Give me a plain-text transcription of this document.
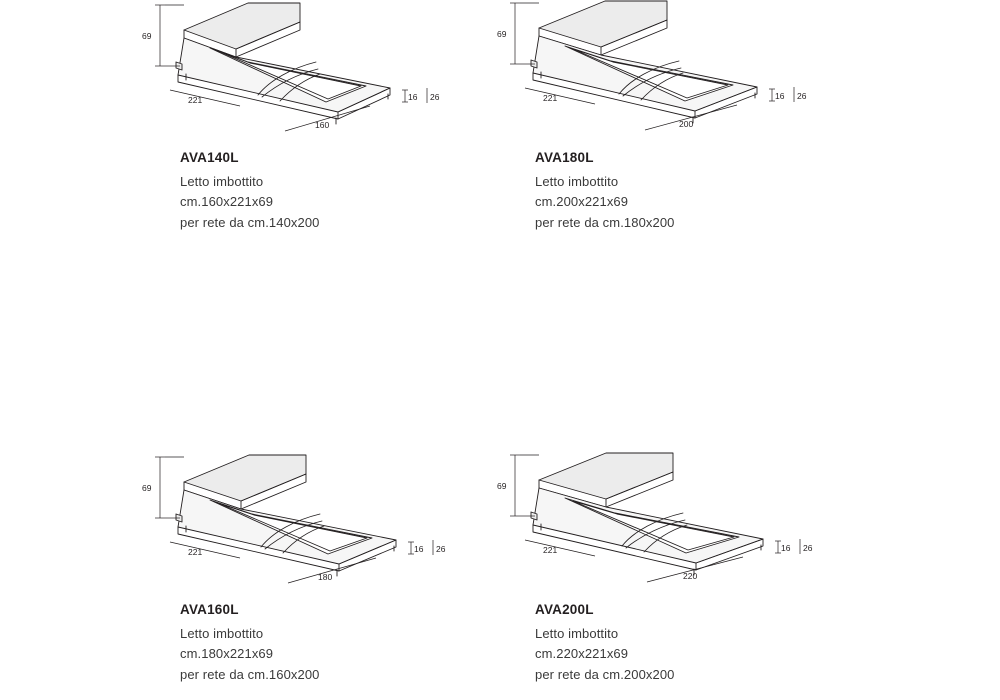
69
221
160
16 26
AVA140L
Letto imbottito
cm.160x221x69
per rete da cm.140x200
69
221
200
16 26
AVA180L
Letto imbottito
cm.200x221x69
per rete da cm.180x200
69
221
180
16 26
AVA160L
Letto imbottito
cm.180x221x69
per rete da cm.160x200
69
221
220
16 26
AVA200L
Letto imbottito
cm.220x221x69
per rete da cm.200x200
